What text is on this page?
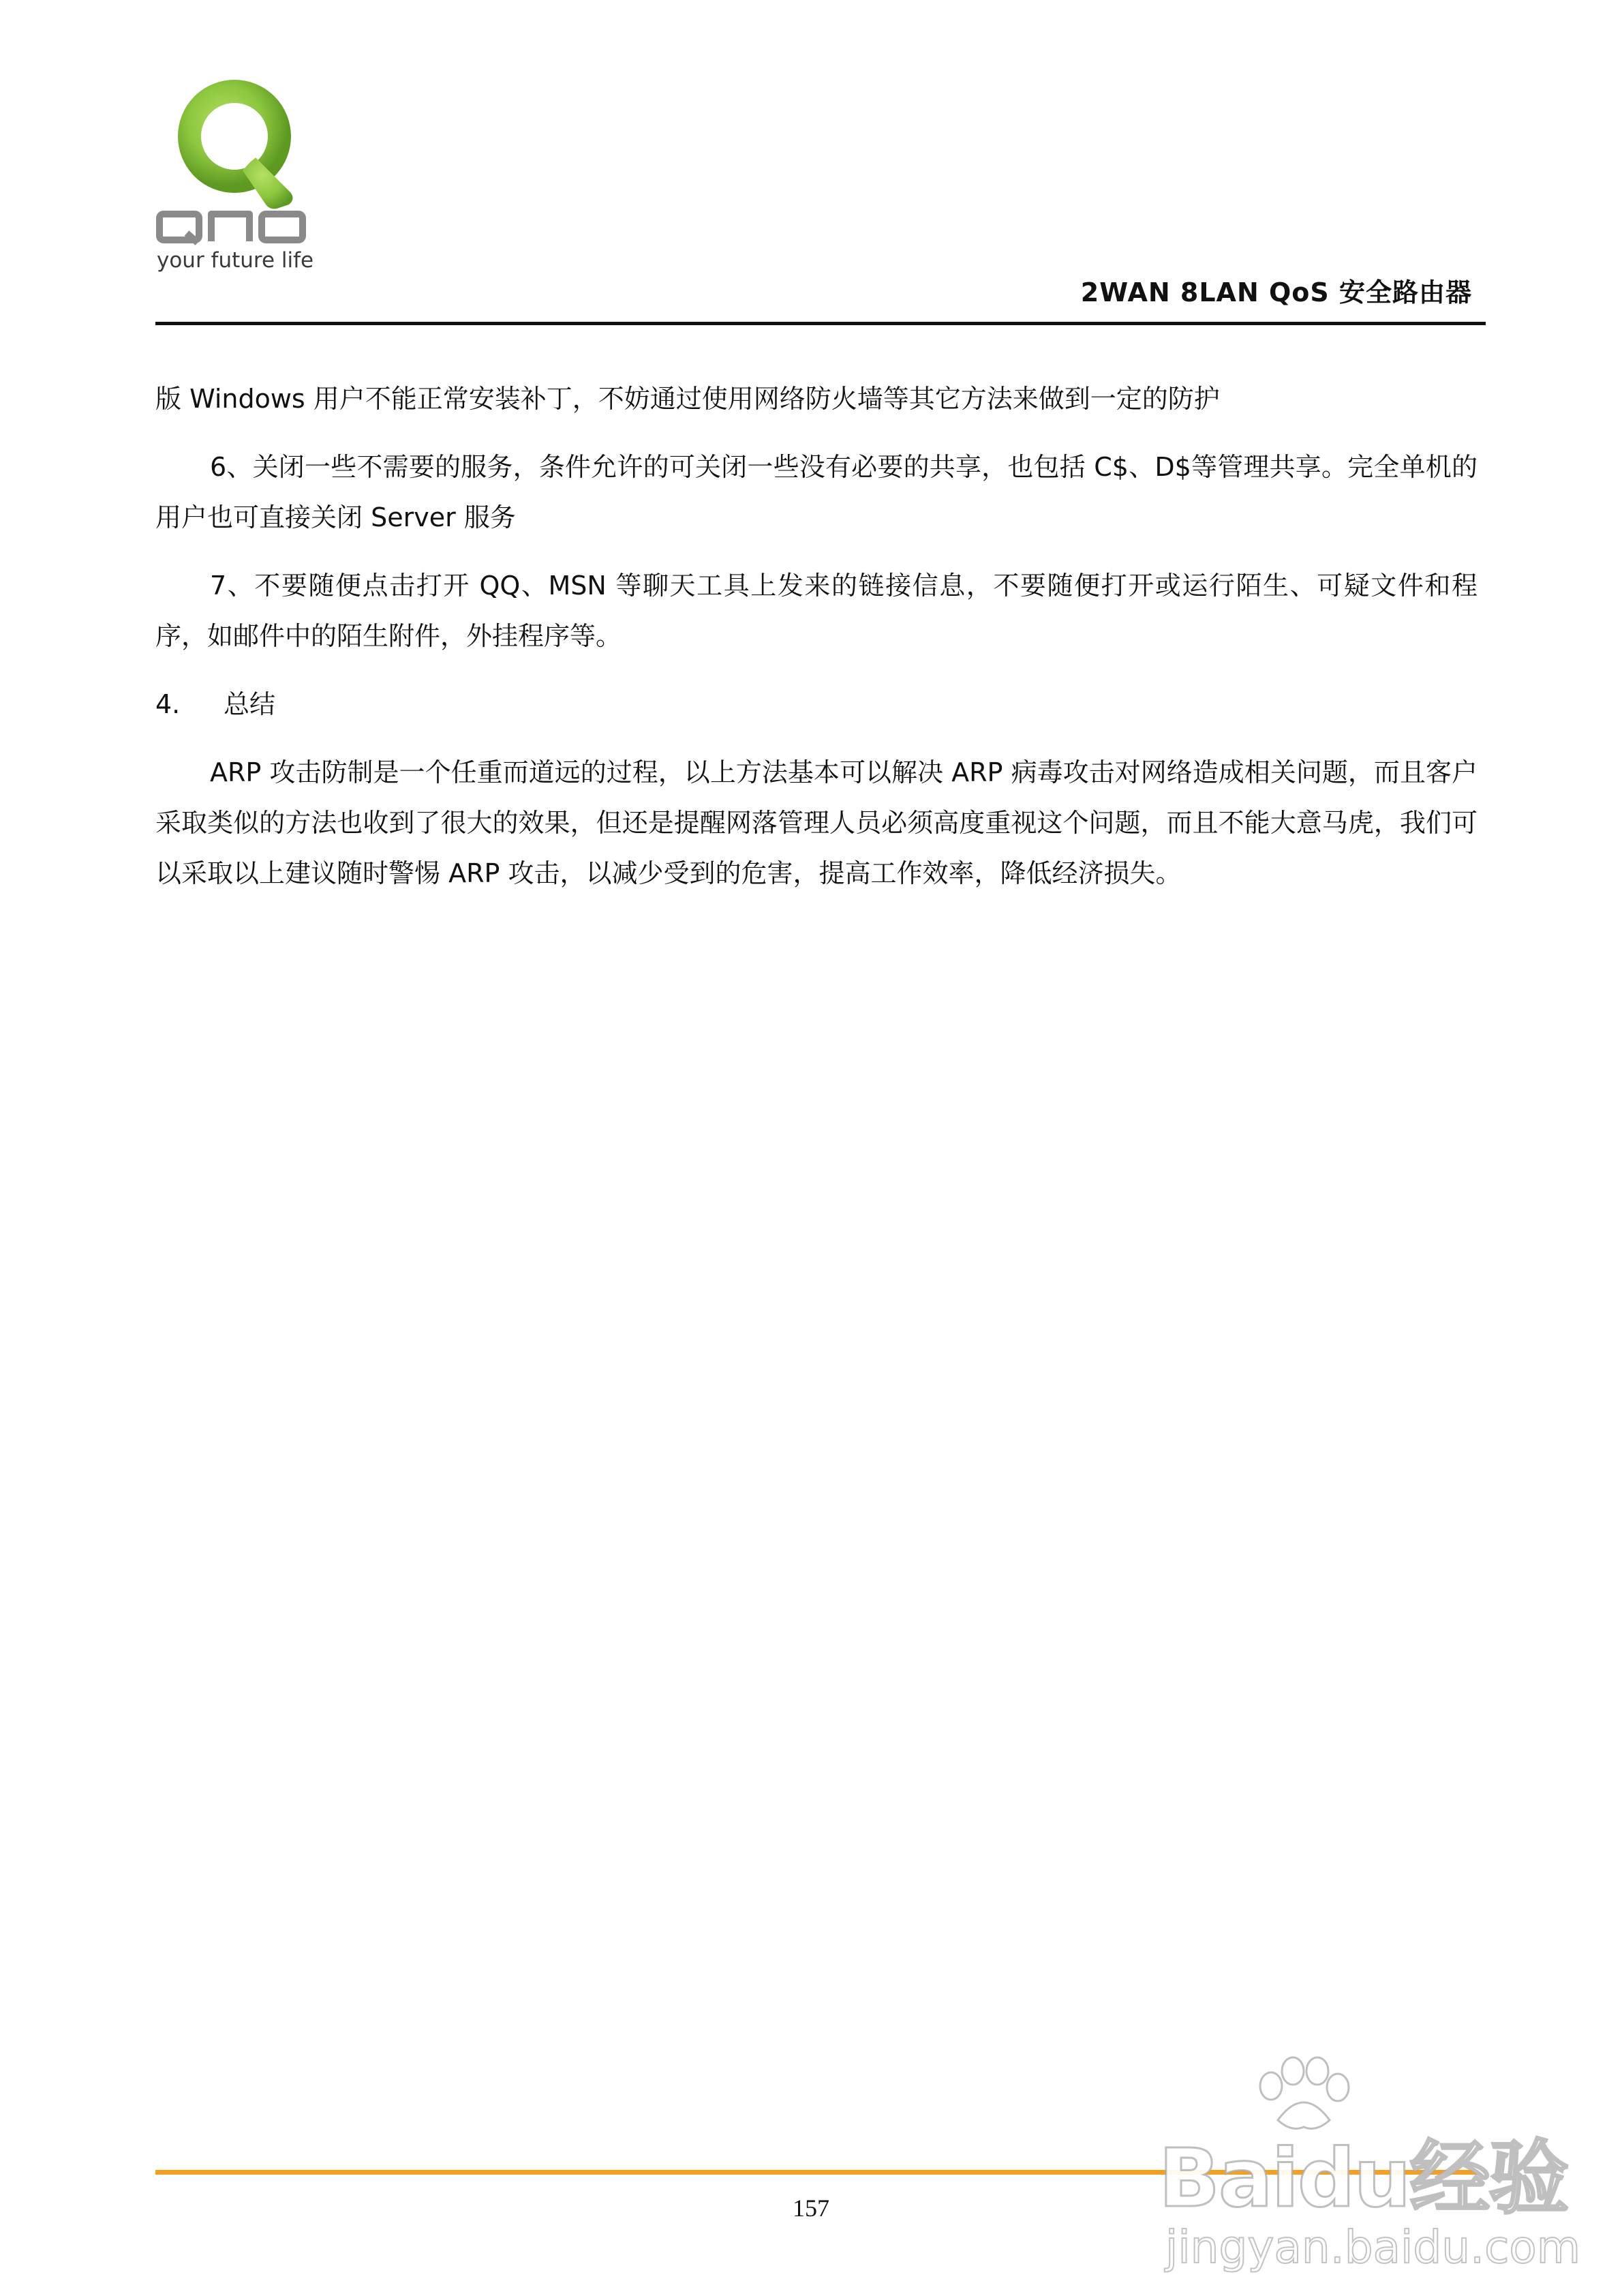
your future life
2WAN 8LAN QoS 安全路由器

版 Windows 用户不能正常安装补丁，不妨通过使用网络防火墙等其它方法来做到一定的防护

6、关闭一些不需要的服务，条件允许的可关闭一些没有必要的共享，也包括 C$、D$等管理共享。完全单机的用户也可直接关闭 Server 服务

7、不要随便点击打开 QQ、MSN 等聊天工具上发来的链接信息，不要随便打开或运行陌生、可疑文件和程序，如邮件中的陌生附件，外挂程序等。

4. 总结

ARP 攻击防制是一个任重而道远的过程，以上方法基本可以解决 ARP 病毒攻击对网络造成相关问题，而且客户采取类似的方法也收到了很大的效果，但还是提醒网落管理人员必须高度重视这个问题，而且不能大意马虎，我们可以采取以上建议随时警惕 ARP 攻击，以减少受到的危害，提高工作效率，降低经济损失。

157	Baidu经验
jingyan.baidu.com
